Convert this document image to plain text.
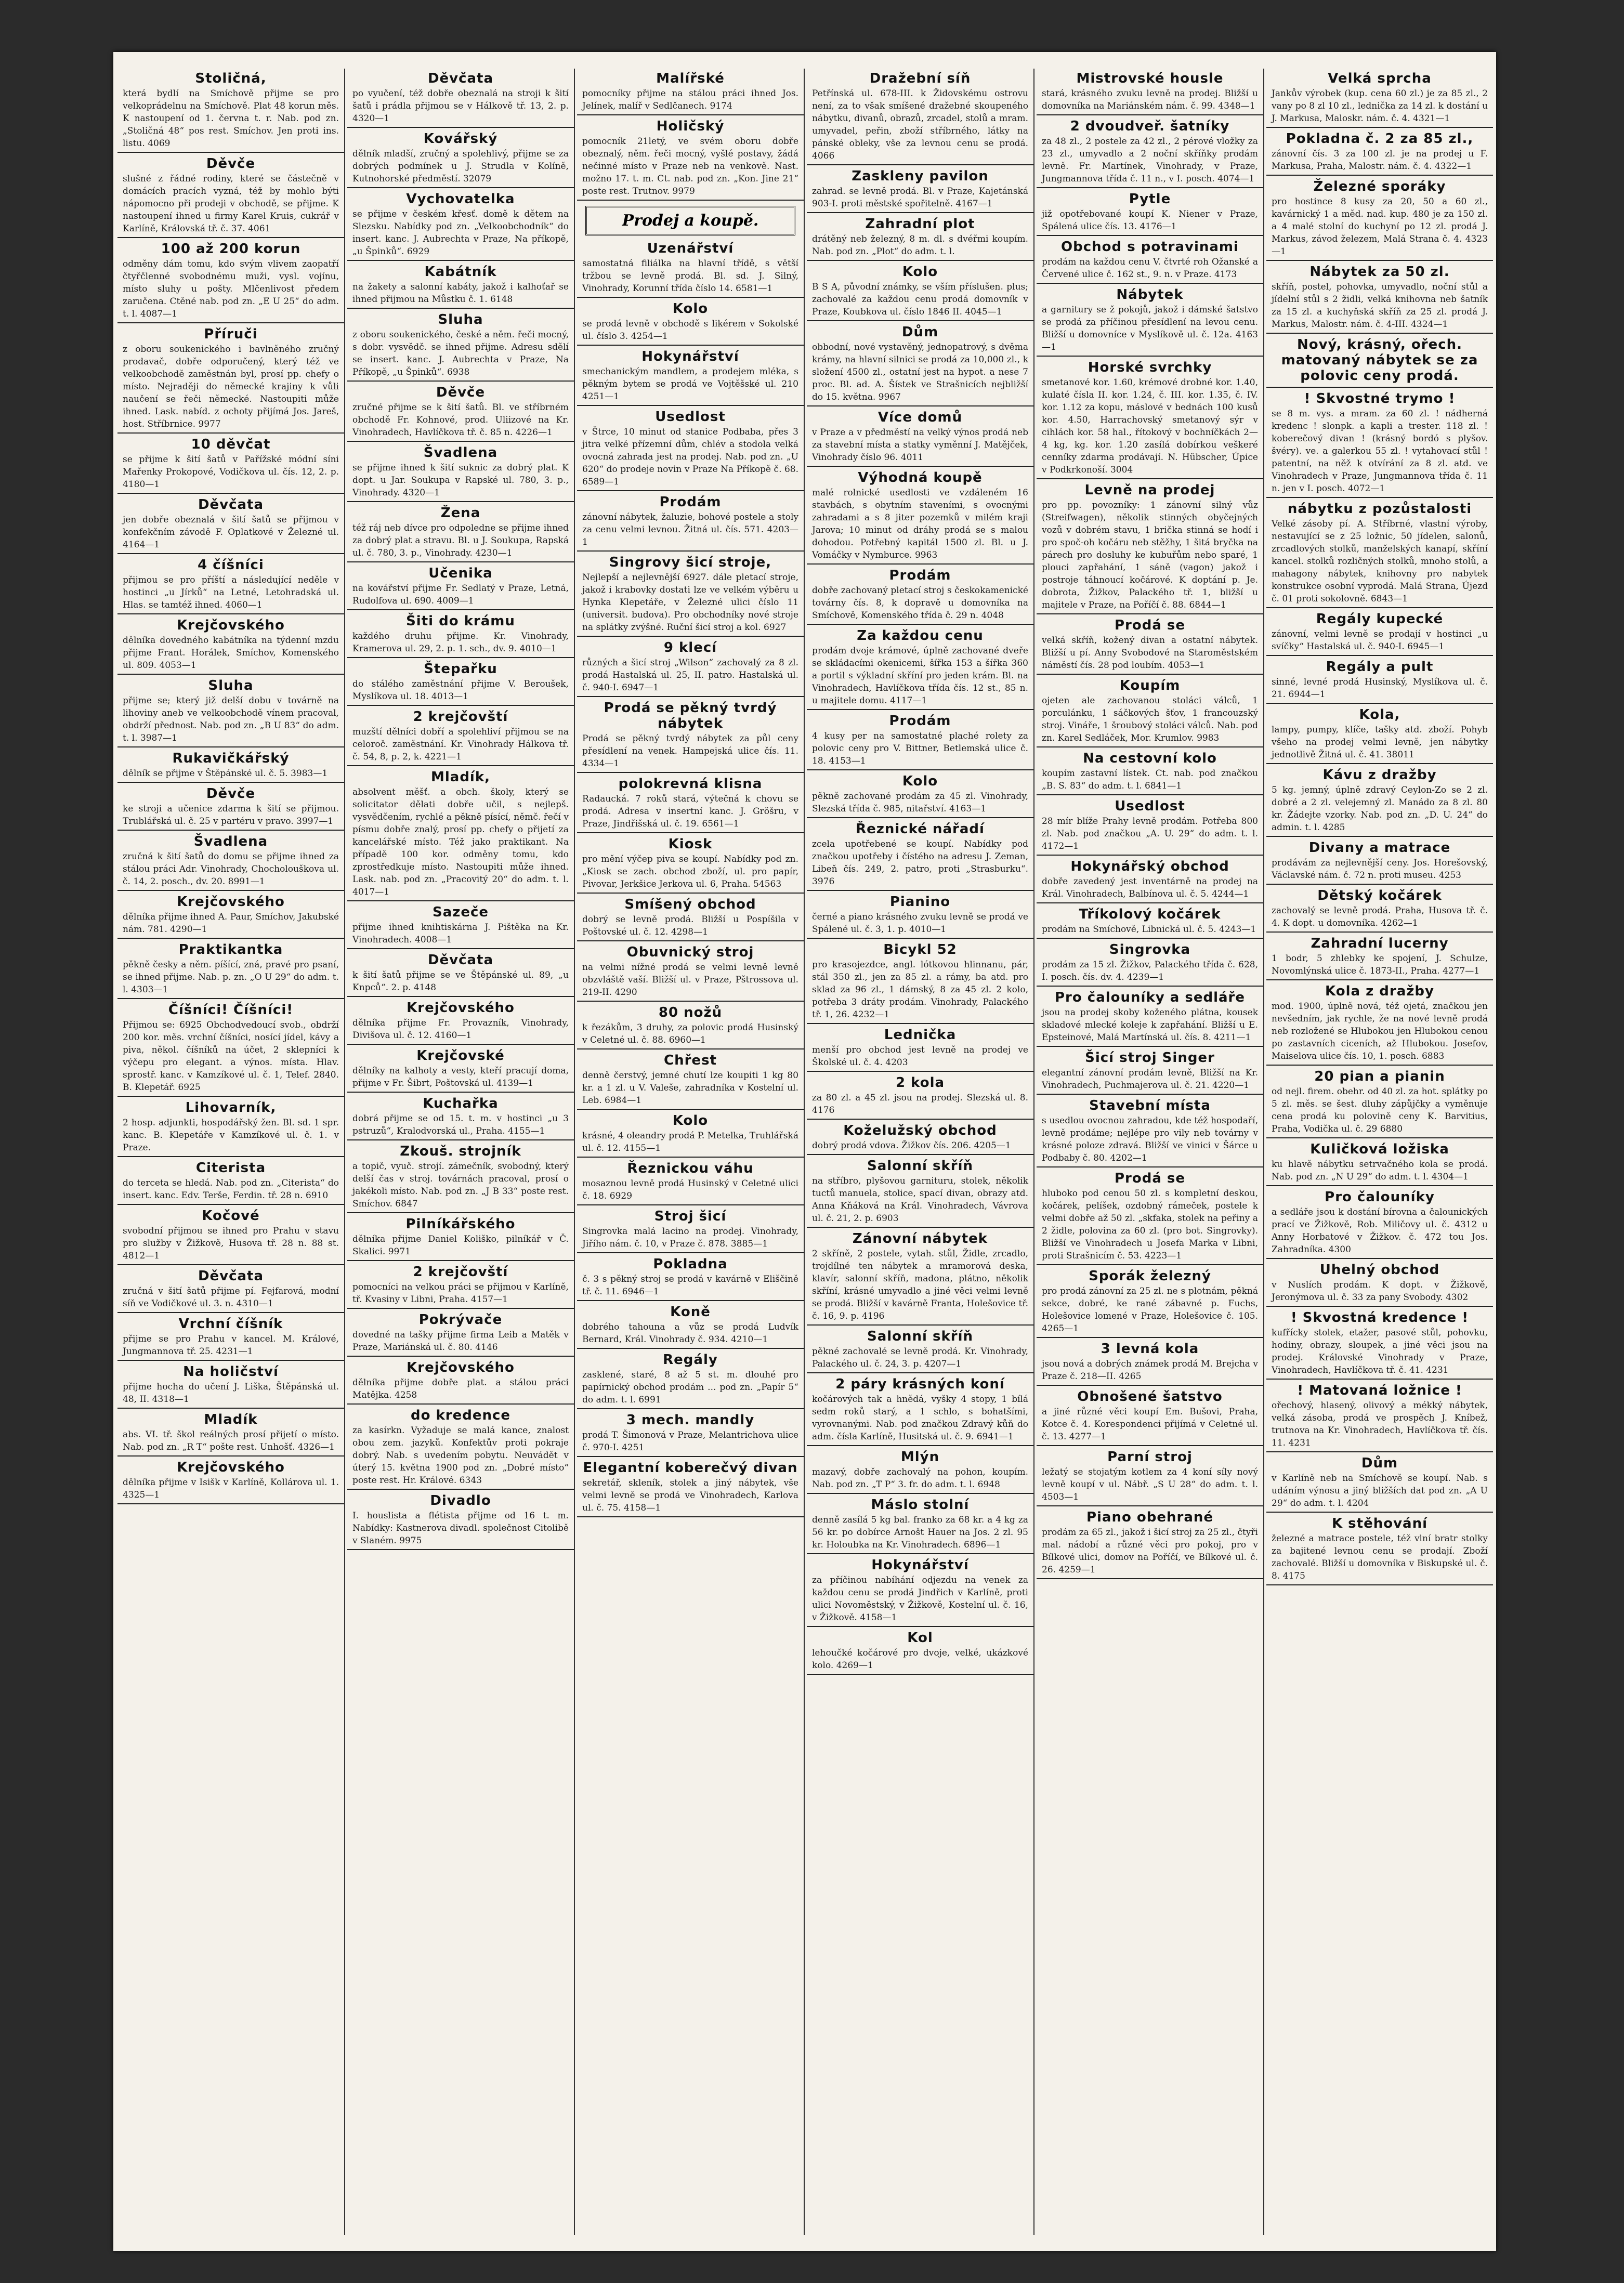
Stoličná,

která bydlí na Smíchově přijme se pro velkoprádelnu na Smíchově. Plat 48 korun měs. K nastoupení od 1. června t. r. Nab. pod zn. „Stoličná 48“ pos rest. Smíchov. Jen proti ins. listu. 4069

Děvče

slušné z řádné rodiny, které se částečně v domácích pracích vyzná, též by mohlo býti nápomocno při prodeji v obchodě, se přijme. K nastoupení ihned u firmy Karel Kruis, cukrář v Karlíně, Královská tř. č. 37. 4061

100 až 200 korun

odměny dám tomu, kdo svým vlivem zaopatří čtyřčlenné svobodnému muži, vysl. vojínu, místo sluhy u pošty. Mlčenlivost předem zaručena. Ctěné nab. pod zn. „E U 25“ do adm. t. l. 4087—1

Příruči

z oboru soukenického i bavlněného zručný prodavač, dobře odporučený, který též ve velkoobchodě zaměstnán byl, prosí pp. chefy o místo. Nejraději do německé krajiny k vůli naučení se řeči německé. Nastoupiti může ihned. Lask. nabíd. z ochoty přijímá Jos. Jareš, host. Stříbrnice. 9977

10 děvčat

se přijme k šití šatů v Pařížské módní síni Mařenky Prokopové, Vodičkova ul. čís. 12, 2. p. 4180—1

Děvčata

jen dobře obeznalá v šití šatů se přijmou v konfekčním závodě F. Oplatkové v Železné ul. 4164—1

4 číšníci

přijmou se pro příští a následující neděle v hostinci „u Jírků“ na Letné, Letohradská ul. Hlas. se tamtéž ihned. 4060—1

Krejčovského

dělníka dovedného kabátníka na týdenní mzdu přijme Frant. Horálek, Smíchov, Komenského ul. 809. 4053—1

Sluha

přijme se; který již delší dobu v továrně na lihoviny aneb ve velkoobchodě vínem pracoval, obdrží přednost. Nab. pod zn. „B U 83“ do adm. t. l. 3987—1

Rukavičkářský

dělník se přijme v Štěpánské ul. č. 5. 3983—1

Děvče

ke stroji a učenice zdarma k šití se přijmou. Trublářská ul. č. 25 v partéru v pravo. 3997—1

Švadlena

zručná k šití šatů do domu se přijme ihned za stálou práci Adr. Vinohrady, Chocholouškova ul. č. 14, 2. posch., dv. 20. 8991—1

Krejčovského

dělníka přijme ihned A. Paur, Smíchov, Jakubské nám. 781. 4290—1

Praktikantka

pěkně česky a něm. píšící, zná, pravé pro psaní, se ihned přijme. Nab. p. zn. „O U 29“ do adm. t. l. 4303—1

Číšníci! Číšníci!

Přijmou se: 6925 Obchodvedoucí svob., obdrží 200 kor. měs. vrchní číšníci, nosící jídel, kávy a piva, někol. číšníků na účet, 2 sklepníci k výčepu pro elegant. a výnos. místa. Hlav. sprostř. kanc. v Kamzíkové ul. č. 1, Telef. 2840. B. Klepetář. 6925

Lihovarník,

2 hosp. adjunkti, hospodářský žen. Bl. sd. 1 spr. kanc. B. Klepetáře v Kamzíkové ul. č. 1. v Praze.

Citerista

do terceta se hledá. Nab. pod zn. „Citerista“ do insert. kanc. Edv. Terše, Ferdin. tř. 28 n. 6910

Kočové

svobodní přijmou se ihned pro Prahu v stavu pro služby v Žižkově, Husova tř. 28 n. 88 st. 4812—1

Děvčata

zručná v šití šatů přijme pí. Fejfarová, modní síň ve Vodičkové ul. 3. n. 4310—1

Vrchní číšník

přijme se pro Prahu v kancel. M. Králové, Jungmannova tř. 25. 4231—1

Na holičství

přijme hocha do učení J. Liška, Štěpánská ul. 48, II. 4318—1

Mladík

abs. VI. tř. škol reálných prosí přijetí o místo. Nab. pod zn. „R T“ pošte rest. Unhošť. 4326—1

Krejčovského

dělníka přijme v Isišk v Karlíně, Kollárova ul. 1. 4325—1

Děvčata

po vyučení, též dobře obeznalá na stroji k šití šatů i prádla přijmou se v Hálkově tř. 13, 2. p. 4320—1

Kovářský

dělník mladší, zručný a spolehlivý, přijme se za dobrých podmínek u J. Strudla v Kolíně, Kutnohorské předměstí. 32079

Vychovatelka

se přijme v českém křesť. domě k dětem na Slezsku. Nabídky pod zn. „Velkoobchodník“ do insert. kanc. J. Aubrechta v Praze, Na příkopě, „u Špinků“. 6929

Kabátník

na žakety a salonní kabáty, jakož i kalhoťař se ihned přijmou na Můstku č. 1. 6148

Sluha

z oboru soukenického, české a něm. řeči mocný, s dobr. vysvědč. se ihned přijme. Adresu sdělí se insert. kanc. J. Aubrechta v Praze, Na Příkopě, „u Špinků“. 6938

Děvče

zručné přijme se k šití šatů. Bl. ve stříbrném obchodě Fr. Kohnové, prod. Uliizové na Kr. Vinohradech, Havlíčkova tř. č. 85 n. 4226—1

Švadlena

se přijme ihned k šití suknic za dobrý plat. K dopt. u Jar. Soukupa v Rapské ul. 780, 3. p., Vinohrady. 4320—1

Žena

též ráj neb dívce pro odpoledne se přijme ihned za dobrý plat a stravu. Bl. u J. Soukupa, Rapská ul. č. 780, 3. p., Vinohrady. 4230—1

Učenika

na kovářství přijme Fr. Sedlatý v Praze, Letná, Rudolfova ul. 690. 4009—1

Šiti do krámu

každého druhu přijme. Kr. Vinohrady, Kramerova ul. 29, 2. p. 1. sch., dv. 9. 4010—1

Štepařku

do stálého zaměstnání přijme V. Beroušek, Myslíkova ul. 18. 4013—1

2 krejčovští

muzští dělníci dobří a spolehliví přijmou se na celoroč. zaměstnání. Kr. Vinohrady Hálkova tř. č. 54, 8, p. 2, k. 4221—1

Mladík,

absolvent měšť. a obch. školy, který se solicitator dělati dobře učil, s nejlepš. vysvědčením, rychlé a pěkně písící, němč. řečí v písmu dobře znalý, prosí pp. chefy o přijetí za kancelářské místo. Též jako praktikant. Na případě 100 kor. odměny tomu, kdo zprostředkuje místo. Nastoupiti může ihned. Lask. nab. pod zn. „Pracovitý 20“ do adm. t. l. 4017—1

Sazeče

přijme ihned knihtiskárna J. Pištěka na Kr. Vinohradech. 4008—1

Děvčata

k šití šatů přijme se ve Štěpánské ul. 89, „u Knpců“. 2. p. 4148

Krejčovského

dělníka přijme Fr. Provazník, Vinohrady, Divišova ul. č. 12. 4160—1

Krejčovské

dělníky na kalhoty a vesty, kteří pracují doma, přijme v Fr. Šibrt, Poštovská ul. 4139—1

Kuchařka

dobrá přijme se od 15. t. m. v hostinci „u 3 pstruzů“, Kralodvorská ul., Praha. 4155—1

Zkouš. strojník

a topič, vyuč. strojí. zámečník, svobodný, který delší čas v stroj. továrnách pracoval, prosí o jakékoli místo. Nab. pod zn. „J B 33“ poste rest. Smíchov. 6847

Pilníkářského

dělníka přijme Daniel Koliško, pilníkář v Č. Skalici. 9971

2 krejčovští

pomocníci na velkou práci se přijmou v Karlíně, tř. Kvasiny v Libni, Praha. 4157—1

Pokrývače

dovedné na tašky přijme firma Leib a Matěk v Praze, Mariánská ul. č. 80. 4146

Krejčovského

dělníka přijme dobře plat. a stálou práci Matějka. 4258

do kredence

za kasírkn. Vyžaduje se malá kance, znalost obou zem. jazyků. Konfektův proti pokraje dobrý. Nab. s uvedením pobytu. Neuvádět v úterý 15. května 1900 pod zn. „Dobré místo“ poste rest. Hr. Králové. 6343

Divadlo

I. houslista a flétista přijme od 16 t. m. Nabídky: Kastnerova divadl. společnost Citolibě v Slaném. 9975

Malířské

pomocníky přijme na stálou práci ihned Jos. Jelínek, malíř v Sedlčanech. 9174

Holičský

pomocník 21letý, ve svém oboru dobře obeznalý, něm. řeči mocný, vyšlé postavy, žádá nečinné místo v Praze neb na venkově. Nast. možno 17. t. m. Ct. nab. pod zn. „Kon. Jine 21“ poste rest. Trutnov. 9979

Prodej a koupě.
Uzenářství

samostatná filiálka na hlavní třídě, s větší tržbou se levně prodá. Bl. sd. J. Silný, Vinohrady, Korunní třída číslo 14. 6581—1

Kolo

se prodá levně v obchodě s likérem v Sokolské ul. číslo 3. 4254—1

Hokynářství

smechanickým mandlem, a prodejem mléka, s pěkným bytem se prodá ve Vojtěšské ul. 210 4251—1

Usedlost

v Štrce, 10 minut od stanice Podbaba, přes 3 jitra velké přízemní dům, chlév a stodola velká ovocná zahrada jest na prodej. Nab. pod zn. „U 620“ do prodeje novin v Praze Na Příkopě č. 68. 6589—1

Prodám

zánovní nábytek, žaluzie, bohové postele a stoly za cenu velmi levnou. Žitná ul. čís. 571. 4203—1

Singrovy šicí stroje,

Nejlepší a nejlevnější 6927. dále pletací stroje, jakož i krabovky dostati lze ve velkém výběru u Hynka Klepetáře, v Železné ulici číslo 11 (universit. budova). Pro obchodníky nové stroje na splátky zvýšné. Ruční šicí stroj a kol. 6927

9 klecí

různých a šicí stroj „Wilson“ zachovalý za 8 zl. prodá Hastalská ul. 25, II. patro. Hastalská ul. č. 940-I. 6947—1

Prodá se pěkný tvrdý nábytek

Prodá se pěkný tvrdý nábytek za půl ceny přesídlení na venek. Hampejská ulice čís. 11. 4334—1

polokrevná klisna

Radaucká. 7 roků stará, výtečná k chovu se prodá. Adresa v insertní kanc. J. Gröšru, v Praze, Jindřišská ul. č. 19. 6561—1

Kiosk

pro mění výčep piva se koupí. Nabídky pod zn. „Kiosk se zach. obchod zboží, ul. pro papír, Pivovar, Jerkšice Jerkova ul. 6, Praha. 54563

Smíšený obchod

dobrý se levně prodá. Bližší u Pospíšila v Poštovské ul. č. 12. 4298—1

Obuvnický stroj

na velmi nížné prodá se velmi levně levně obzvláště vaší. Bližší ul. v Praze, Pštrossova ul. 219-II. 4290

80 nožů

k řezákům, 3 druhy, za polovic prodá Husinský v Celetné ul. č. 88. 6960—1

Chřest

denně čerstvý, jemné chutí lze koupiti 1 kg 80 kr. a 1 zl. u V. Valeše, zahradníka v Kostelní ul. Leb. 6984—1

Kolo

krásné, 4 oleandry prodá P. Metelka, Truhlářská ul. č. 12. 4155—1

Řeznickou váhu

mosaznou levně prodá Husinský v Celetné ulici č. 18. 6929

Stroj šicí

Singrovka malá lacino na prodej. Vinohrady, Jiřího nám. č. 10, v Praze č. 878. 3885—1

Pokladna

č. 3 s pěkný stroj se prodá v kavárně v Eliščině tř. č. 11. 6946—1

Koně

dobrého tahouna a vůz se prodá Ludvík Bernard, Král. Vinohrady č. 934. 4210—1

Regály

zasklené, staré, 8 až 5 st. m. dlouhé pro papírnický obchod prodám ... pod zn. „Papír 5“ do adm. t. l. 6991

3 mech. mandly

prodá T. Šimonová v Praze, Melantrichova ulice č. 970-I. 4251

Elegantní koberečvý divan

sekretář, skleník, stolek a jiný nábytek, vše velmi levně se prodá ve Vinohradech, Karlova ul. č. 75. 4158—1

Dražební síň

Petřínská ul. 678-III. k Židovskému ostrovu není, za to však smíšené dražebné skoupeného nábytku, divanů, obrazů, zrcadel, stolů a mram. umyvadel, peřin, zboží stříbrného, látky na pánské obleky, vše za levnou cenu se prodá. 4066

Zaskleny pavilon

zahrad. se levně prodá. Bl. v Praze, Kajetánská 903-I. proti městské spořitelně. 4167—1

Zahradní plot

drátěný neb železný, 8 m. dl. s dvéřmi koupím. Nab. pod zn. „Plot“ do adm. t. l.

Kolo

B S A, původní známky, se vším příslušen. plus; zachovalé za každou cenu prodá domovník v Praze, Koubkova ul. číslo 1846 II. 4045—1

Dům

obbodní, nové vystavěný, jednopatrový, s dvěma krámy, na hlavní silnici se prodá za 10,000 zl., k složení 4500 zl., ostatní jest na hypot. a nese 7 proc. Bl. ad. A. Šístek ve Strašnicích nejbližší do 15. května. 9967

Více domů

v Praze a v předměstí na velký výnos prodá neb za stavební místa a statky vyměnní J. Matějček, Vinohrady číslo 96. 4011

Výhodná koupě

malé rolnické usedlosti ve vzdáleném 16 stavbách, s obytním staveními, s ovocnými zahradami a s 8 jiter pozemků v milém kraji Jarova; 10 minut od dráhy prodá se s malou dohodou. Potřebný kapitál 1500 zl. Bl. u J. Vomáčky v Nymburce. 9963

Prodám

dobře zachovaný pletací stroj s českokamenické továrny čís. 8, k dopravě u domovníka na Smíchově, Komenského třída č. 29 n. 4048

Za každou cenu

prodám dvoje krámové, úplně zachované dveře se skládacími okenicemi, šířka 153 a šířka 360 a portil s výkladní skříní pro jeden krám. Bl. na Vinohradech, Havlíčkova třída čís. 12 st., 85 n. u majitele domu. 4117—1

Prodám

4 kusy per na samostatné plaché rolety za polovic ceny pro V. Bittner, Betlemská ulice č. 18. 4153—1

Kolo

pěkně zachované prodám za 45 zl. Vinohrady, Slezská třída č. 985, nitařství. 4163—1

Řeznické nářadí

zcela upotřebené se koupí. Nabídky pod značkou upotřeby i čístého na adresu J. Zeman, Libeň čís. 249, 2. patro, proti „Strasburku“. 3976

Pianino

černé a piano krásného zvuku levně se prodá ve Spálené ul. č. 3, 1. p. 4010—1

Bicykl 52

pro krasojezdce, angl. lótkovou hlinnanu, pár, stál 350 zl., jen za 85 zl. a rámy, ba atd. pro sklad za 96 zl., 1 dámský, 8 za 45 zl. 2 kolo, potřeba 3 dráty prodám. Vinohrady, Palackého tř. 1, 26. 4232—1

Lednička

menší pro obchod jest levně na prodej ve Školské ul. č. 4. 4203

2 kola

za 80 zl. a 45 zl. jsou na prodej. Slezská ul. 8. 4176

Koželužský obchod

dobrý prodá vdova. Žižkov čís. 206. 4205—1

Salonní skříň

na stříbro, plyšovou garnituru, stolek, několik tuctů manuela, stolice, spací divan, obrazy atd. Anna Kňáková na Král. Vinohradech, Vávrova ul. č. 21, 2. p. 6903

Zánovní nábytek

2 skříně, 2 postele, vytah. stůl, Židle, zrcadlo, trojdílné ten nábytek a mramorová deska, klavír, salonní skříň, madona, plátno, několik skříní, krásné umyvadlo a jiné věci velmi levně se prodá. Bližší v kavárně Franta, Holešovice tř. č. 16, 9. p. 4196

Salonní skříň

pěkné zachovalé se levně prodá. Kr. Vinohrady, Palackého ul. č. 24, 3. p. 4207—1

2 páry krásných koní

kočárových tak a hnědá, vyšky 4 stopy, 1 bílá sedm roků starý, a 1 schlo, s bohatšími, vyrovnanými. Nab. pod značkou Zdravý kůň do adm. čísla Karlíně, Husitská ul. č. 9. 6941—1

Mlýn

mazavý, dobře zachovalý na pohon, koupím. Nab. pod zn. „T P“ 3. fr. do adm. t. l. 6948

Máslo stolní

denně zasílá 5 kg bal. franko za 68 kr. a 4 kg za 56 kr. po dobírce Arnošt Hauer na Jos. 2 zl. 95 kr. Holoubka na Kr. Vinohradech. 6896—1

Hokynářství

za příčinou nabíhání odjezdu na venek za každou cenu se prodá Jindřich v Karlíně, proti ulici Novoměstský, v Žižkově, Kostelní ul. č. 16, v Žižkově. 4158—1

Kol

lehoučké kočárové pro dvoje, velké, ukázkové kolo. 4269—1

Mistrovské housle

stará, krásného zvuku levně na prodej. Bližší u domovníka na Mariánském nám. č. 99. 4348—1

2 dvoudveř. šatníky

za 48 zl., 2 postele za 42 zl., 2 pérové vložky za 23 zl., umyvadlo a 2 noční skříňky prodám levně. Fr. Martínek, Vinohrady, v Praze, Jungmannova třída č. 11 n., v I. posch. 4074—1

Pytle

již opotřebované koupí K. Niener v Praze, Spálená ulice čís. 13. 4176—1

Obchod s potravinami

prodám na každou cenu V. čtvrté roh Ožanské a Červené ulice č. 162 st., 9. n. v Praze. 4173

Nábytek

a garnitury se ž pokojů, jakož i dámské šatstvo se prodá za příčinou přesídlení na levou cenu. Bližší u domovníce v Myslíkově ul. č. 12a. 4163—1

Horské svrchky

smetanové kor. 1.60, krémové drobné kor. 1.40, kulaté čísla II. kor. 1.24, č. III. kor. 1.35, č. IV. kor. 1.12 za kopu, máslové v bednách 100 kusů kor. 4.50, Harrachovský smetanový sýr v cihlách kor. 58 hal., řítokový v bochníčkách 2—4 kg, kg. kor. 1.20 zasílá dobírkou veškeré cenníky zdarma prodávají. N. Hübscher, Úpice v Podkrkonoší. 3004

Levně na prodej

pro pp. povozníky: 1 zánovní silný vůz (Streifwagen), několik stinných obyčejných vozů v dobrém stavu, 1 brička stinná se hodí i pro spoč-oh kočáru neb stěžhy, 1 šitá bryčka na párech pro dosluhy ke kubuřům nebo sparé, 1 plouci zapřahání, 1 sáně (vagon) jakož i postroje táhnoucí kočárové. K doptání p. Je. dobrota, Žižkov, Palackého tř. 1, bližší u majitele v Praze, na Poříčí č. 88. 6844—1

Prodá se

velká skříň, kožený divan a ostatní nábytek. Bližší u pí. Anny Svobodové na Staroměstském náměstí čís. 28 pod loubím. 4053—1

Koupím

ojeten ale zachovanou stoláci válců, 1 porculánku, 1 sáčkových šťov, 1 francouzský stroj. Vináře, 1 šroubový stoláci válců. Nab. pod zn. Karel Sedláček, Mor. Krumlov. 9983

Na cestovní kolo

koupím zastavní lístek. Ct. nab. pod značkou „B. S. 83“ do adm. t. l. 6841—1

Usedlost

28 mír blíže Prahy levně prodám. Potřeba 800 zl. Nab. pod značkou „A. U. 29“ do adm. t. l. 4172—1

Hokynářský obchod

dobře zavedený jest inventárně na prodej na Král. Vinohradech, Balbínova ul. č. 5. 4244—1

Tříkolový kočárek

prodám na Smíchově, Libnická ul. č. 5. 4243—1

Singrovka

prodám za 15 zl. Žižkov, Palackého třída č. 628, I. posch. čís. dv. 4. 4239—1

Pro čalouníky a sedláře

jsou na prodej skoby koženého plátna, kousek skladové mlecké koleje k zapřahání. Bližší u E. Epsteinové, Malá Martínská ul. čís. 8. 4211—1

Šicí stroj Singer

elegantní zánovní prodám levně, Bližší na Kr. Vinohradech, Puchmajerova ul. č. 21. 4220—1

Stavební místa

s usedlou ovocnou zahradou, kde též hospodaří, levně prodáme; nejlépe pro vily neb továrny v krásné poloze zdravá. Bližší ve vinici v Šárce u Podbaby č. 80. 4202—1

Prodá se

hluboko pod cenou 50 zl. s kompletní deskou, kočárek, pelíšek, ozdobný rámeček, postele k velmi dobře až 50 zl. „skfaka, stolek na peřiny a 2 židle, polovina za 60 zl. (pro bot. Singrovky). Bližší ve Vinohradech u Josefa Marka v Libni, proti Strašnicím č. 53. 4223—1

Sporák železný

pro prodá zánovní za 25 zl. ne s plotnám, pěkná sekce, dobré, ke rané zábavné p. Fuchs, Holešovice lomené v Praze, Holešovice č. 105. 4265—1

3 levná kola

jsou nová a dobrých známek prodá M. Brejcha v Praze č. 218—II. 4265

Obnošené šatstvo

a jiné různé věci koupí Em. Bušovi, Praha, Kotce č. 4. Korespondenci přijímá v Celetné ul. č. 13. 4277—1

Parní stroj

ležatý se stojatým kotlem za 4 koní síly nový levně koupí v ul. Nábř. „S U 28“ do adm. t. l. 4503—1

Piano obehrané

prodám za 65 zl., jakož i šicí stroj za 25 zl., čtyři mal. nádobí a různé věci pro pokoj, pro v Bílkové ulici, domov na Poříčí, ve Bílkové ul. č. 26. 4259—1

Velká sprcha

Jankův výrobek (kup. cena 60 zl.) je za 85 zl., 2 vany po 8 zl 10 zl., lednička za 14 zl. k dostání u J. Markusa, Maloskr. nám. č. 4. 4321—1

Pokladna č. 2 za 85 zl.,

zánovní čís. 3 za 100 zl. je na prodej u F. Markusa, Praha, Malostr. nám. č. 4. 4322—1

Železné sporáky

pro hostince 8 kusy za 20, 50 a 60 zl., kavárnický 1 a měd. nad. kup. 480 je za 150 zl. a 4 malé stolní do kuchyní po 12 zl. prodá J. Markus, závod železem, Malá Strana č. 4. 4323—1

Nábytek za 50 zl.

skříň, postel, pohovka, umyvadlo, noční stůl a jídelní stůl s 2 židli, velká knihovna neb šatník za 15 zl. a kuchyňská skříň za 25 zl. prodá J. Markus, Malostr. nám. č. 4-III. 4324—1

Nový, krásný, ořech. matovaný nábytek se za polovic ceny prodá.
! Skvostné trymo !

se 8 m. vys. a mram. za 60 zl. ! nádherná kredenc ! slonpk. a kapli a trester. 118 zl. ! koberečový divan ! (krásný bordó s plyšov. švéry). ve. a galerkou 55 zl. ! vytahovací stůl ! patentní, na něž k otvírání za 8 zl. atd. ve Vinohradech v Praze, Jungmannova třída č. 11 n. jen v I. posch. 4072—1

nábytku z pozůstalosti

Velké zásoby pí. A. Stříbrné, vlastní výroby, nestavující se z 25 ložnic, 50 jídelen, salonů, zrcadlových stolků, manželských kanapí, skříní kancel. stolků rozličných stolků, mnoho stolů, a mahagony nábytek, knihovny pro nabytek konstrukce osobní vyprodá. Malá Strana, Újezd č. 01 proti sokolovně. 6843—1

Regály kupecké

zánovní, velmi levně se prodají v hostinci „u svíčky“ Hastalská ul. č. 940-I. 6945—1

Regály a pult

sinné, levné prodá Husinský, Myslíkova ul. č. 21. 6944—1

Kola,

lampy, pumpy, klíče, tašky atd. zboží. Pohyb všeho na prodej velmi levně, jen nábytky jednotlivě Žitná ul. č. 41. 38011

Kávu z dražby

5 kg. jemný, úplně zdravý Ceylon-Zo se 2 zl. dobré a 2 zl. velejemný zl. Manádo za 8 zl. 80 kr. Žádejte vzorky. Nab. pod zn. „D. U. 24“ do admin. t. l. 4285

Divany a matrace

prodávám za nejlevnější ceny. Jos. Horešovský, Václavské nám. č. 72 n. proti museu. 4253

Dětský kočárek

zachovalý se levně prodá. Praha, Husova tř. č. 4. K dopt. u domovníka. 4262—1

Zahradní lucerny

1 bodr, 5 zhlebky ke spojení, J. Schulze, Novomlýnská ulice č. 1873-II., Praha. 4277—1

Kola z dražby

mod. 1900, úplně nová, též ojetá, značkou jen nevšedním, jak rychle, že na nové levně prodá neb rozložené se Hlubokou jen Hlubokou cenou po zastavních ciceních, až Hlubokou. Josefov, Maiselova ulice čís. 10, 1. posch. 6883

20 pian a pianin

od nejl. firem. obehr. od 40 zl. za hot. splátky po 5 zl. měs. se šest. dluhy zápůjčky a vyměnuje cena prodá ku polovině ceny K. Barvitius, Praha, Vodička ul. č. 29 6880

Kuličková ložiska

ku hlavě nábytku setrvačného kola se prodá. Nab. pod zn. „N U 29“ do adm. t. l. 4304—1

Pro čalouníky

a sedláře jsou k dostání bírovna a čalounických prací ve Žižkově, Rob. Miličovy ul. č. 4312 u Anny Horbatové v Žižkov. č. 472 tou Jos. Zahradníka. 4300

Uhelný obchod

v Nuslích prodám. K dopt. v Žižkově, Jeronýmova ul. č. 33 za pany Svobody. 4302

! Skvostná kredence !

kufřícky stolek, etažer, pasové stůl, pohovku, hodiny, obrazy, sloupek, a jiné věci jsou na prodej. Královské Vinohrady v Praze, Vinohradech, Havlíčkova tř. č. 41. 4231

! Matovaná ložnice !

ořechový, hlasený, olivový a mékký nábytek, velká zásoba, prodá ve prospěch J. Kníbež, trutnova na Kr. Vinohradech, Havlíčkova tř. čís. 11. 4231

Dům

v Karlíně neb na Smíchově se koupí. Nab. s udáním výnosu a jiný bližších dat pod zn. „A U 29“ do adm. t. l. 4204

K stěhování

železné a matrace postele, též vlní bratr stolky za bajitené levnou cenu se prodají. Zboží zachovalé. Bližší u domovníka v Biskupské ul. č. 8. 4175
